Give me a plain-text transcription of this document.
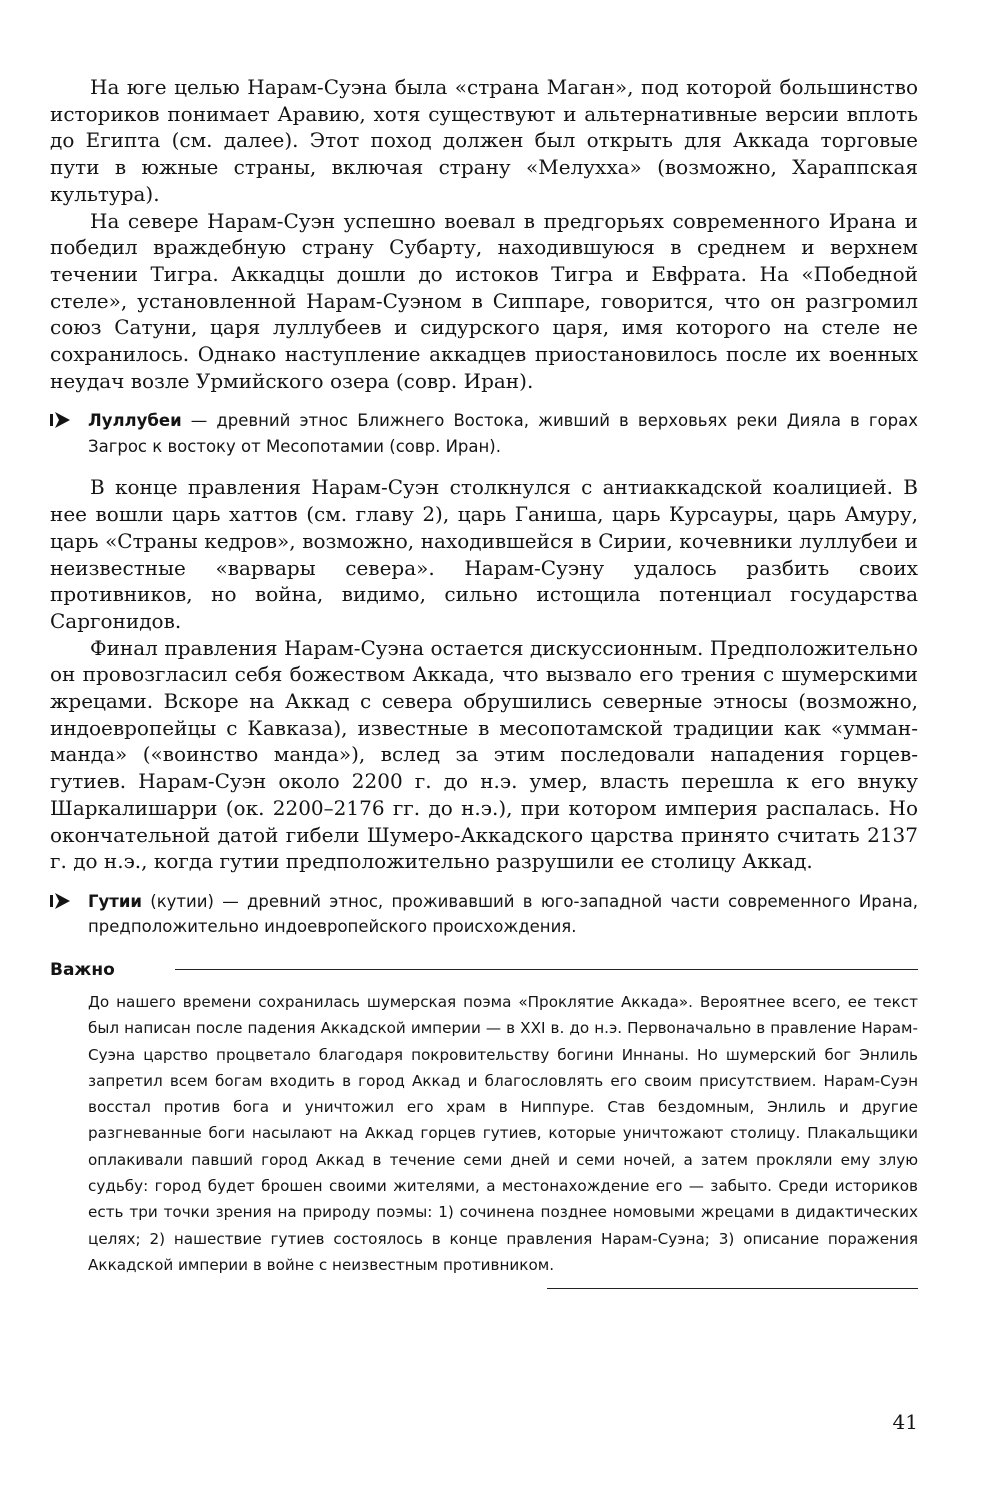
На юге целью Нарам-Суэна была «страна Маган», под которой большинство историков понимает Аравию, хотя существуют и альтернативные версии вплоть до Египта (см. далее). Этот поход должен был открыть для Аккада торговые пути в южные страны, включая страну «Мелухха» (возможно, Хараппская культура).

На севере Нарам-Суэн успешно воевал в предгорьях современного Ирана и победил враждебную страну Субарту, находившуюся в среднем и верхнем течении Тигра. Аккадцы дошли до истоков Тигра и Евфрата. На «Победной стеле», установленной Нарам-Суэном в Сиппаре, говорится, что он разгромил союз Сатуни, царя луллубеев и сидурского царя, имя которого на стеле не сохранилось. Однако наступление аккадцев приостановилось после их военных неудач возле Урмийского озера (совр. Иран).

Луллубеи — древний этнос Ближнего Востока, живший в верховьях реки Дияла в горах Загрос к востоку от Месопотамии (совр. Иран).

В конце правления Нарам-Суэн столкнулся с антиаккадской коалицией. В нее вошли царь хаттов (см. главу 2), царь Ганиша, царь Курсауры, царь Амуру, царь «Страны кедров», возможно, находившейся в Сирии, кочевники луллубеи и неизвестные «варвары севера». Нарам-Суэну удалось разбить своих противников, но война, видимо, сильно истощила потенциал государства Саргонидов.

Финал правления Нарам-Суэна остается дискуссионным. Предположительно он провозгласил себя божеством Аккада, что вызвало его трения с шумерскими жрецами. Вскоре на Аккад с севера обрушились северные этносы (возможно, индоевропейцы с Кавказа), известные в месопотамской традиции как «умман-манда» («воинство манда»), вслед за этим последовали нападения горцев-гутиев. Нарам-Суэн около 2200 г. до н.э. умер, власть перешла к его внуку Шаркалишарри (ок. 2200–2176 гг. до н.э.), при котором империя распалась. Но окончательной датой гибели Шумеро-Аккадского царства принято считать 2137 г. до н.э., когда гутии предположительно разрушили ее столицу Аккад.

Гутии (кутии) — древний этнос, проживавший в юго-западной части современного Ирана, предположительно индоевропейского происхождения.
Важно

До нашего времени сохранилась шумерская поэма «Проклятие Аккада». Вероятнее всего, ее текст был написан после падения Аккадской империи — в XXI в. до н.э. Первоначально в правление Нарам-Суэна царство процветало благодаря покровительству богини Иннаны. Но шумерский бог Энлиль запретил всем богам входить в город Аккад и благословлять его своим присутствием. Нарам-Суэн восстал против бога и уничтожил его храм в Ниппуре. Став бездомным, Энлиль и другие разгневанные боги насылают на Аккад горцев гутиев, которые уничтожают столицу. Плакальщики оплакивали павший город Аккад в течение семи дней и семи ночей, а затем прокляли ему злую судьбу: город будет брошен своими жителями, а местонахождение его — забыто. Среди историков есть три точки зрения на природу поэмы: 1) сочинена позднее номовыми жрецами в дидактических целях; 2) нашествие гутиев состоялось в конце правления Нарам-Суэна; 3) описание поражения Аккадской империи в войне с неизвестным противником.

41
